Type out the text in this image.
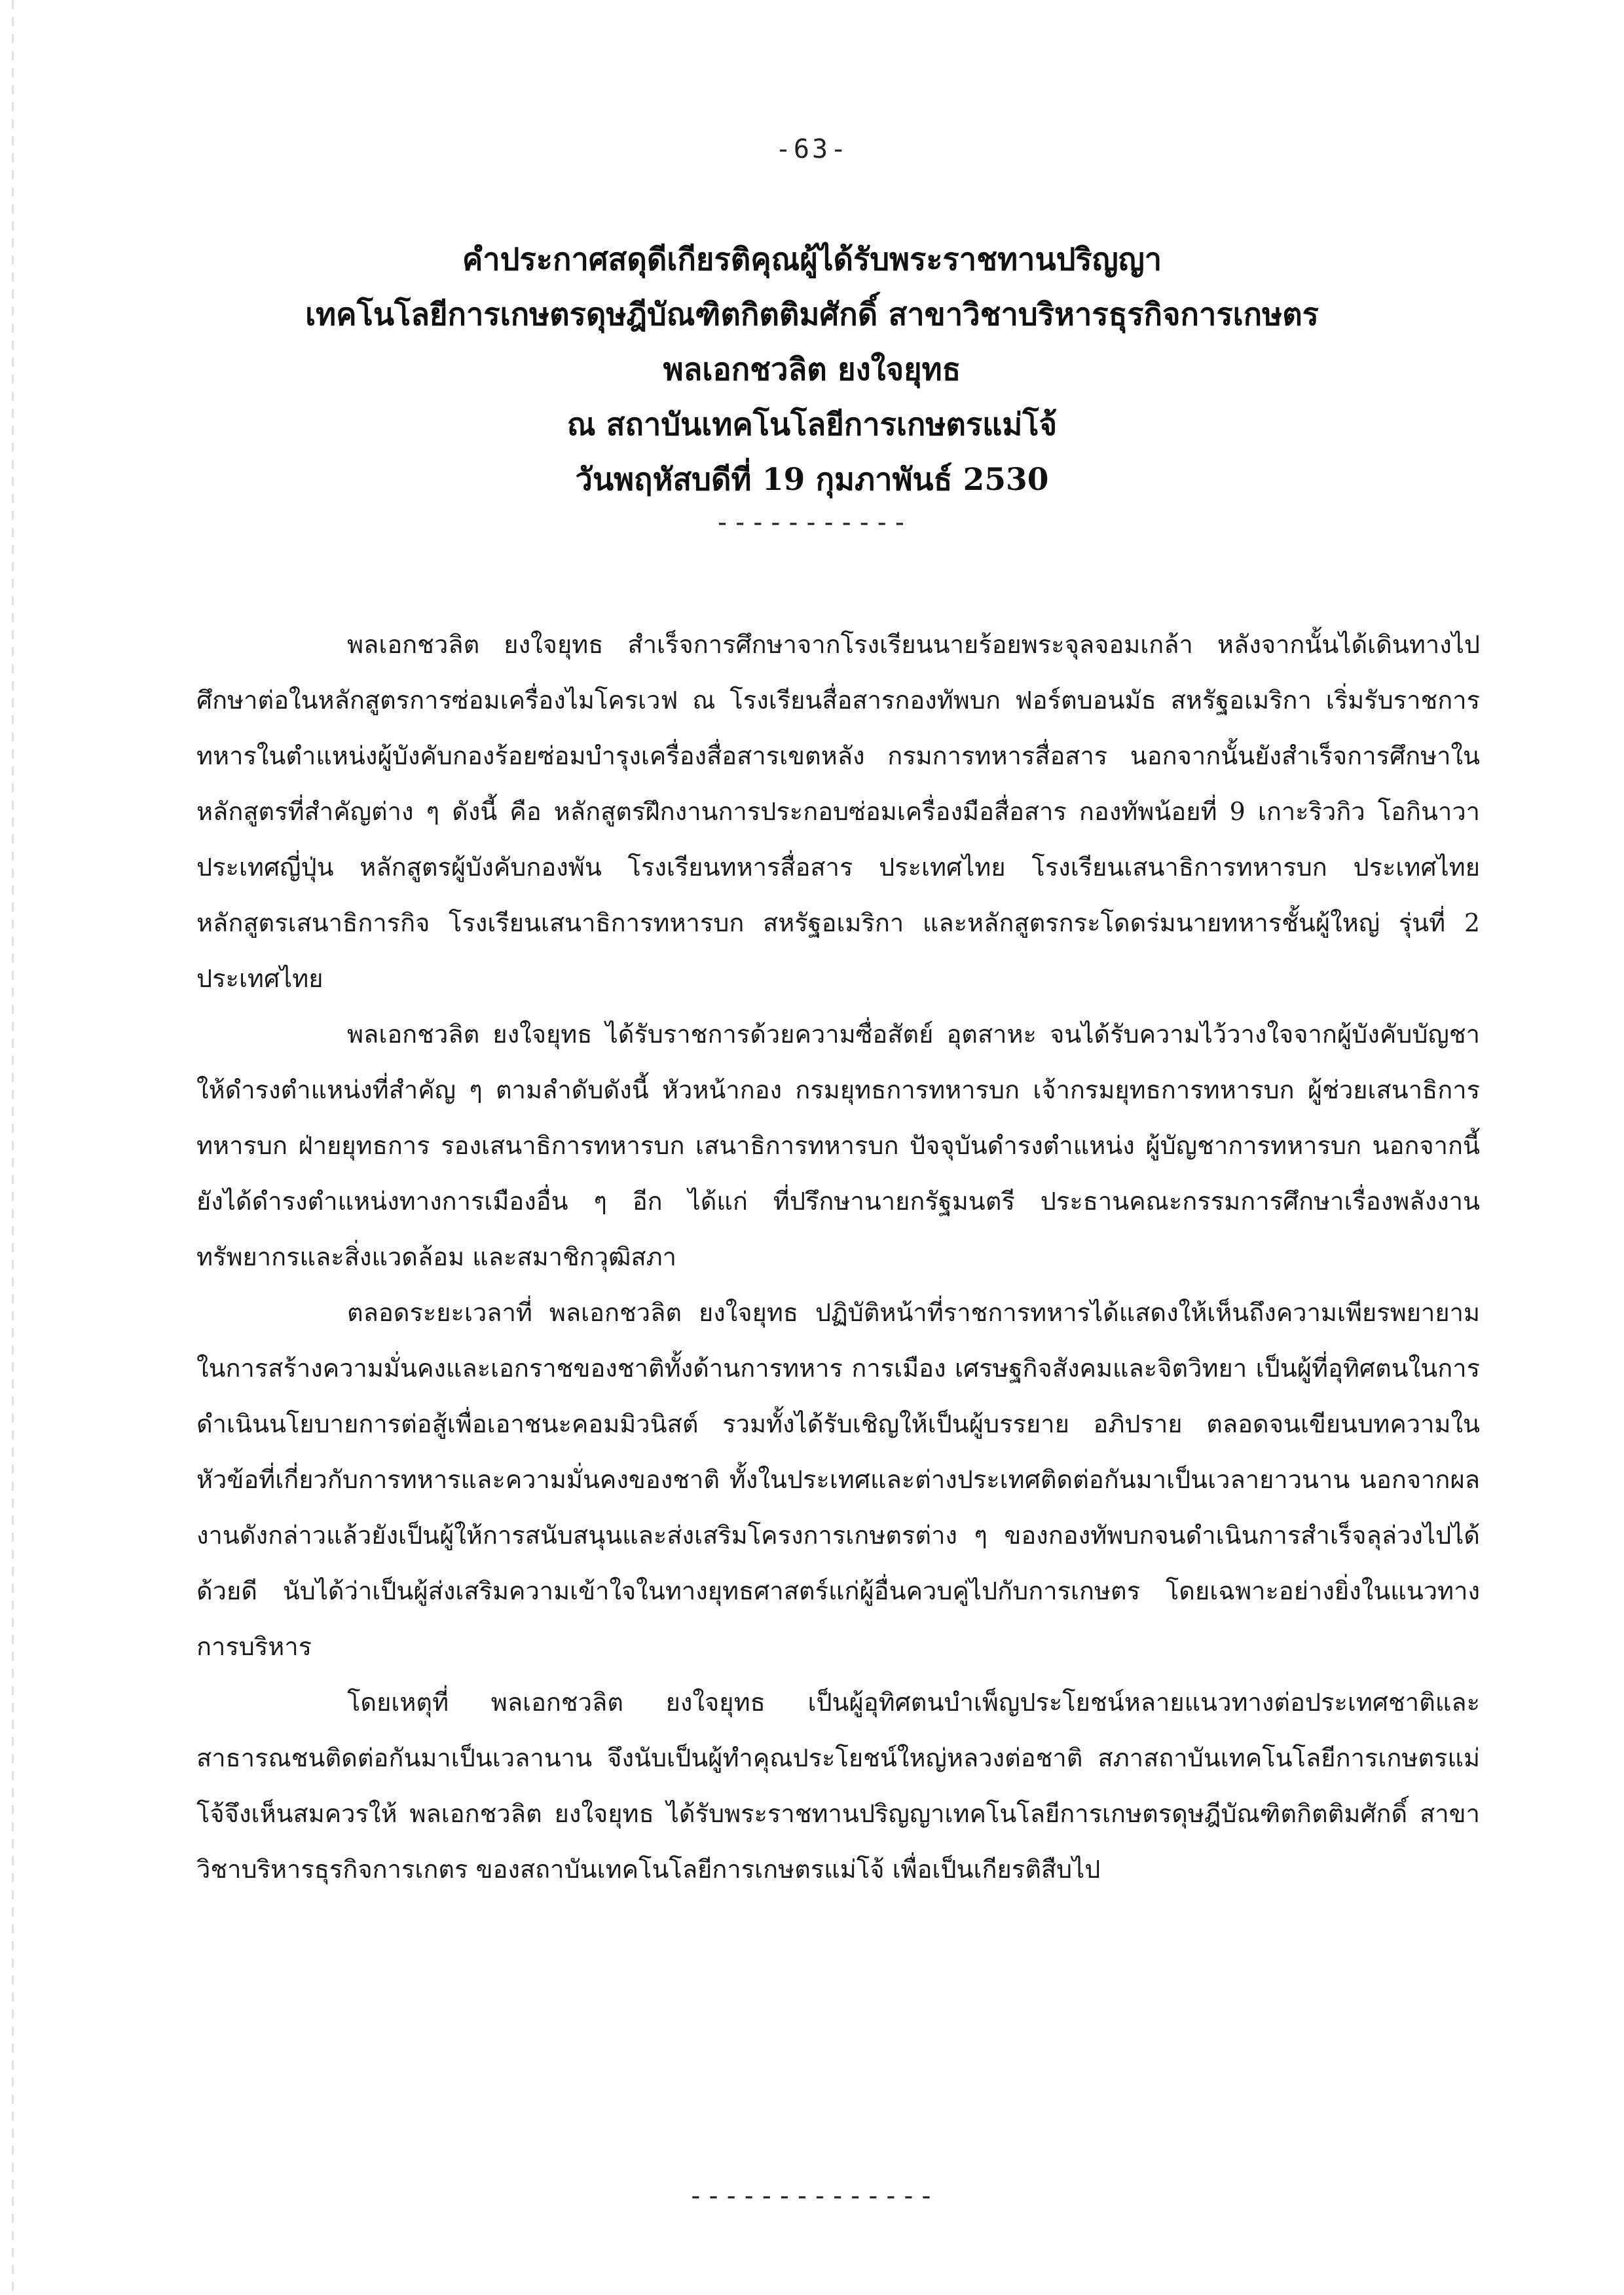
-63-
คำประกาศสดุดีเกียรติคุณผู้ได้รับพระราชทานปริญญา
เทคโนโลยีการเกษตรดุษฎีบัณฑิตกิตติมศักดิ์ สาขาวิชาบริหารธุรกิจการเกษตร
พลเอกชวลิต ยงใจยุทธ
ณ สถาบันเทคโนโลยีการเกษตรแม่โจ้
วันพฤหัสบดีที่ 19 กุมภาพันธ์ 2530
-----------

พลเอกชวลิต ยงใจยุทธ สำเร็จการศึกษาจากโรงเรียนนายร้อยพระจุลจอมเกล้า หลังจากนั้นได้เดินทางไปศึกษาต่อในหลักสูตรการซ่อมเครื่องไมโครเวฟ ณ โรงเรียนสื่อสารกองทัพบก ฟอร์ตบอนมัธ สหรัฐอเมริกา เริ่มรับราชการทหารในตำแหน่งผู้บังคับกองร้อยซ่อมบำรุงเครื่องสื่อสารเขตหลัง กรมการทหารสื่อสาร นอกจากนั้นยังสำเร็จการศึกษาในหลักสูตรที่สำคัญต่าง ๆ ดังนี้ คือ หลักสูตรฝึกงานการประกอบซ่อมเครื่องมือสื่อสาร กองทัพน้อยที่ 9 เกาะริวกิว โอกินาวา ประเทศญี่ปุ่น หลักสูตรผู้บังคับกองพัน โรงเรียนทหารสื่อสาร ประเทศไทย โรงเรียนเสนาธิการทหารบก ประเทศไทย หลักสูตรเสนาธิการกิจ โรงเรียนเสนาธิการทหารบก สหรัฐอเมริกา และหลักสูตรกระโดดร่มนายทหารชั้นผู้ใหญ่ รุ่นที่ 2 ประเทศไทย

พลเอกชวลิต ยงใจยุทธ ได้รับราชการด้วยความซื่อสัตย์ อุตสาหะ จนได้รับความไว้วางใจจากผู้บังคับบัญชาให้ดำรงตำแหน่งที่สำคัญ ๆ ตามลำดับดังนี้ หัวหน้ากอง กรมยุทธการทหารบก เจ้ากรมยุทธการทหารบก ผู้ช่วยเสนาธิการทหารบก ฝ่ายยุทธการ รองเสนาธิการทหารบก เสนาธิการทหารบก ปัจจุบันดำรงตำแหน่ง ผู้บัญชาการทหารบก นอกจากนี้ยังได้ดำรงตำแหน่งทางการเมืองอื่น ๆ อีก ได้แก่ ที่ปรึกษานายกรัฐมนตรี ประธานคณะกรรมการศึกษาเรื่องพลังงานทรัพยากรและสิ่งแวดล้อม และสมาชิกวุฒิสภา

ตลอดระยะเวลาที่ พลเอกชวลิต ยงใจยุทธ ปฏิบัติหน้าที่ราชการทหารได้แสดงให้เห็นถึงความเพียรพยายามในการสร้างความมั่นคงและเอกราชของชาติทั้งด้านการทหาร การเมือง เศรษฐกิจสังคมและจิตวิทยา เป็นผู้ที่อุทิศตนในการดำเนินนโยบายการต่อสู้เพื่อเอาชนะคอมมิวนิสต์ รวมทั้งได้รับเชิญให้เป็นผู้บรรยาย อภิปราย ตลอดจนเขียนบทความในหัวข้อที่เกี่ยวกับการทหารและความมั่นคงของชาติ ทั้งในประเทศและต่างประเทศติดต่อกันมาเป็นเวลายาวนาน นอกจากผลงานดังกล่าวแล้วยังเป็นผู้ให้การสนับสนุนและส่งเสริมโครงการเกษตรต่าง ๆ ของกองทัพบกจนดำเนินการสำเร็จลุล่วงไปได้ด้วยดี นับได้ว่าเป็นผู้ส่งเสริมความเข้าใจในทางยุทธศาสตร์แก่ผู้อื่นควบคู่ไปกับการเกษตร โดยเฉพาะอย่างยิ่งในแนวทางการบริหาร

โดยเหตุที่ พลเอกชวลิต ยงใจยุทธ เป็นผู้อุทิศตนบำเพ็ญประโยชน์หลายแนวทางต่อประเทศชาติและสาธารณชนติดต่อกันมาเป็นเวลานาน จึงนับเป็นผู้ทำคุณประโยชน์ใหญ่หลวงต่อชาติ สภาสถาบันเทคโนโลยีการเกษตรแม่โจ้จึงเห็นสมควรให้ พลเอกชวลิต ยงใจยุทธ ได้รับพระราชทานปริญญาเทคโนโลยีการเกษตรดุษฎีบัณฑิตกิตติมศักดิ์ สาขาวิชาบริหารธุรกิจการเกตร ของสถาบันเทคโนโลยีการเกษตรแม่โจ้ เพื่อเป็นเกียรติสืบไป

--------------
